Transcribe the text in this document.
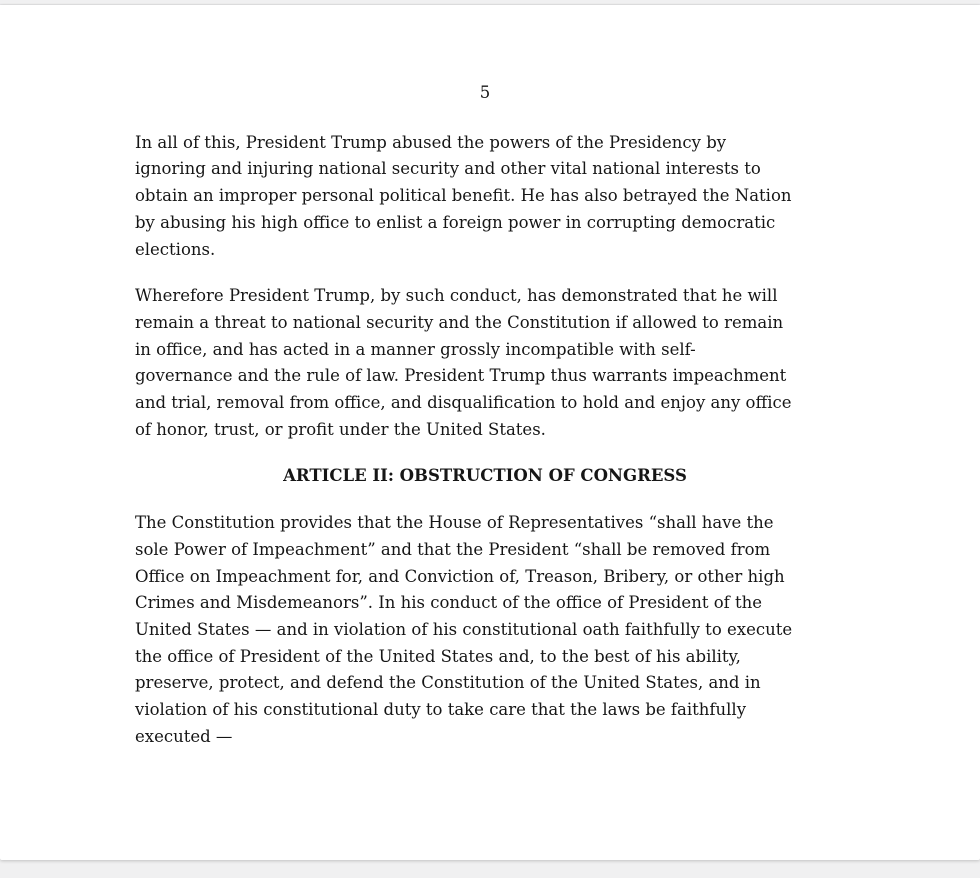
5
In all of this, President Trump abused the powers of the Presidency by
ignoring and injuring national security and other vital national interests to
obtain an improper personal political benefit. He has also betrayed the Nation
by abusing his high office to enlist a foreign power in corrupting democratic
elections.
Wherefore President Trump, by such conduct, has demonstrated that he will
remain a threat to national security and the Constitution if allowed to remain
in office, and has acted in a manner grossly incompatible with self-
governance and the rule of law. President Trump thus warrants impeachment
and trial, removal from office, and disqualification to hold and enjoy any office
of honor, trust, or profit under the United States.
ARTICLE II: OBSTRUCTION OF CONGRESS
The Constitution provides that the House of Representatives “shall have the
sole Power of Impeachment” and that the President “shall be removed from
Office on Impeachment for, and Conviction of, Treason, Bribery, or other high
Crimes and Misdemeanors”. In his conduct of the office of President of the
United States — and in violation of his constitutional oath faithfully to execute
the office of President of the United States and, to the best of his ability,
preserve, protect, and defend the Constitution of the United States, and in
violation of his constitutional duty to take care that the laws be faithfully
executed —
